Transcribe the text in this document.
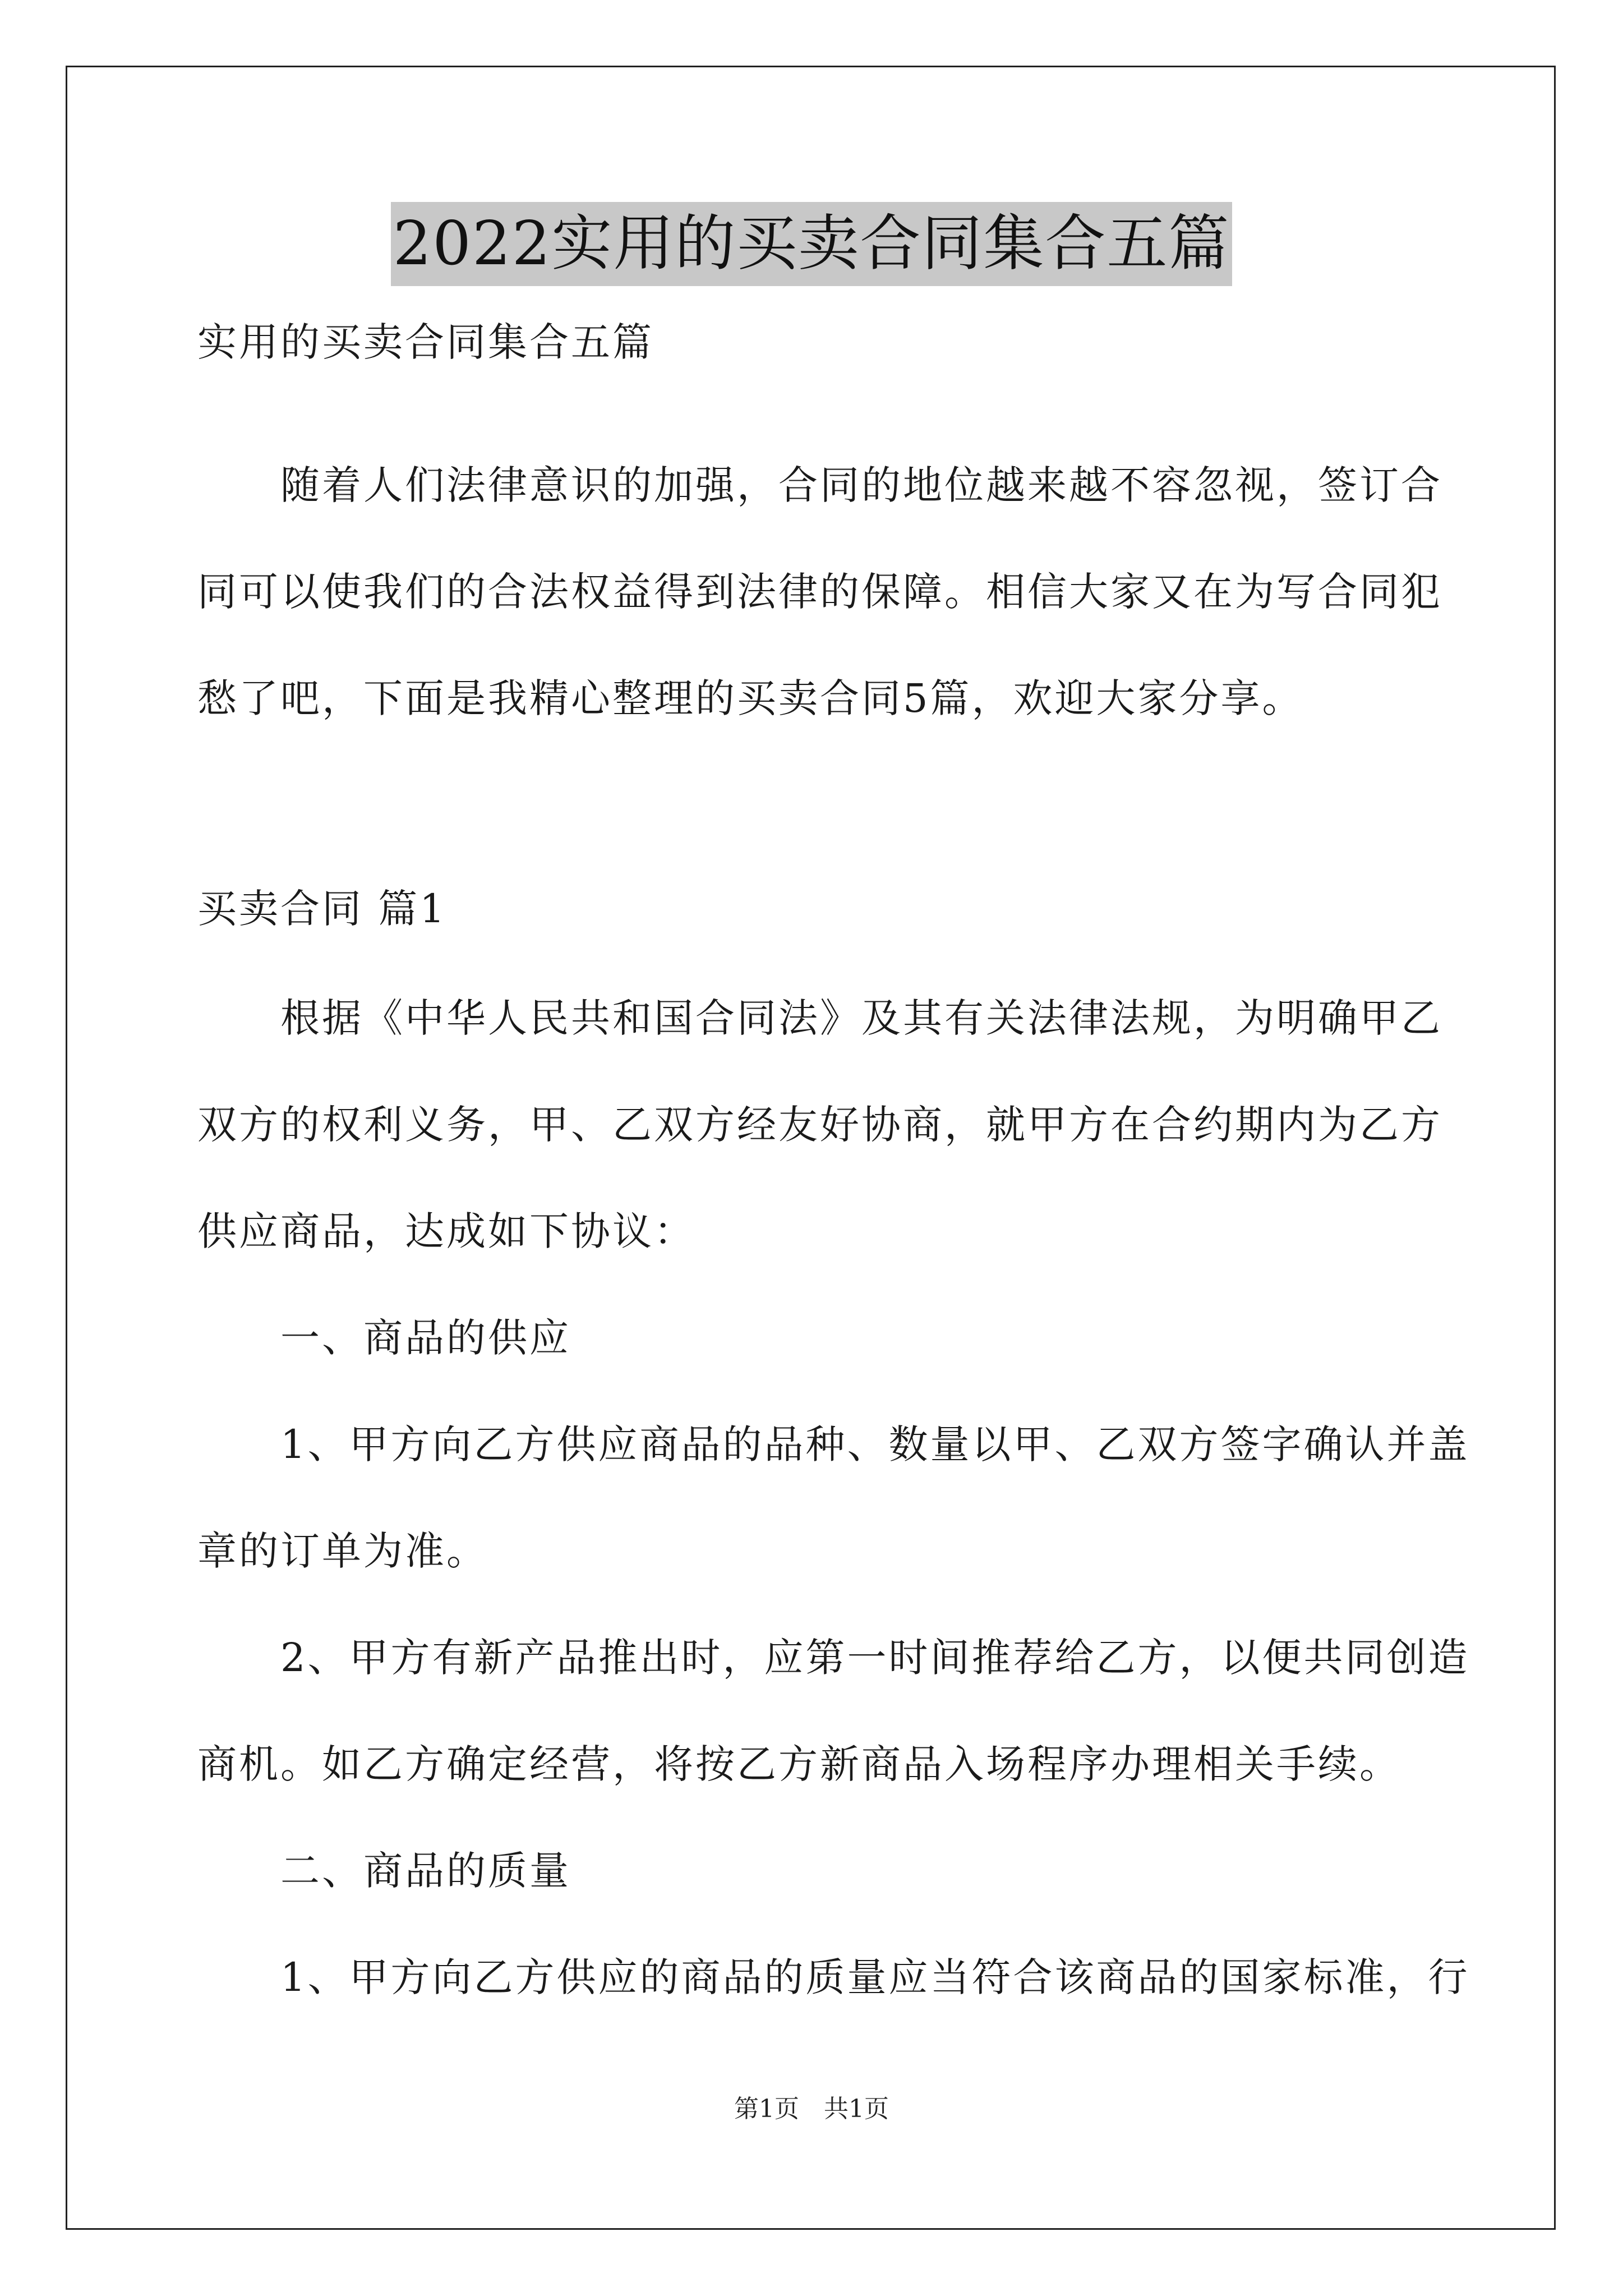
2022实用的买卖合同集合五篇
实用的买卖合同集合五篇
随着人们法律意识的加强，合同的地位越来越不容忽视，签订合
同可以使我们的合法权益得到法律的保障。相信大家又在为写合同犯
愁了吧，下面是我精心整理的买卖合同5篇，欢迎大家分享。
买卖合同 篇1
根据《中华人民共和国合同法》及其有关法律法规，为明确甲乙
双方的权利义务，甲、乙双方经友好协商，就甲方在合约期内为乙方
供应商品，达成如下协议：
一、商品的供应
1、甲方向乙方供应商品的品种、数量以甲、乙双方签字确认并盖
章的订单为准。
2、甲方有新产品推出时，应第一时间推荐给乙方，以便共同创造
商机。如乙方确定经营，将按乙方新商品入场程序办理相关手续。
二、商品的质量
1、甲方向乙方供应的商品的质量应当符合该商品的国家标准，行
第1页　共1页
